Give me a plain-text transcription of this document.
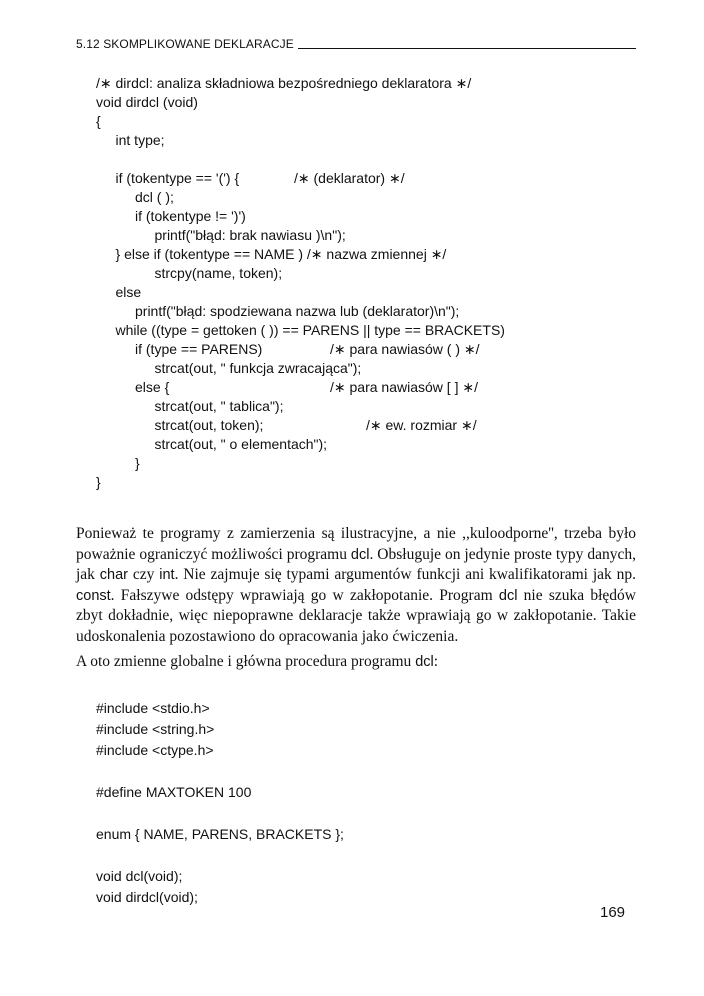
5.12 SKOMPLIKOWANE DEKLARACJE
/∗ dirdcl: analiza składniowa bezpośredniego deklaratora ∗/
void dirdcl (void)
{
int type;
if (tokentype == '(') {	/∗ (deklarator) ∗/
dcl ( );
if (tokentype != ')')
printf("błąd: brak nawiasu )\n");
} else if (tokentype == NAME ) /∗ nazwa zmiennej ∗/
strcpy(name, token);
else
printf("błąd: spodziewana nazwa lub (deklarator)\n");
while ((type = gettoken ( )) == PARENS || type == BRACKETS)
if (type == PARENS)	/∗ para nawiasów ( ) ∗/
strcat(out, " funkcja zwracająca");
else {	/∗ para nawiasów [ ] ∗/
strcat(out, " tablica");
strcat(out, token);	/∗ ew. rozmiar ∗/
strcat(out, " o elementach");
}
}

Ponieważ te programy z zamierzenia są ilustracyjne, a nie ,,kuloodporne'', trzeba było poważnie ograniczyć możliwości programu dcl. Obsługuje on jedynie proste typy danych, jak char czy int. Nie zajmuje się typami argumentów funkcji ani kwalifikatorami jak np. const. Fałszywe odstępy wprawiają go w zakłopotanie. Program dcl nie szuka błędów zbyt dokładnie, więc niepoprawne deklaracje także wprawiają go w zakłopotanie. Takie udoskonalenia pozostawiono do opracowania jako ćwiczenia.

A oto zmienne globalne i główna procedura programu dcl:

#include <stdio.h>
#include <string.h>
#include <ctype.h>
#define MAXTOKEN 100
enum { NAME, PARENS, BRACKETS };
void dcl(void);
void dirdcl(void);
169
